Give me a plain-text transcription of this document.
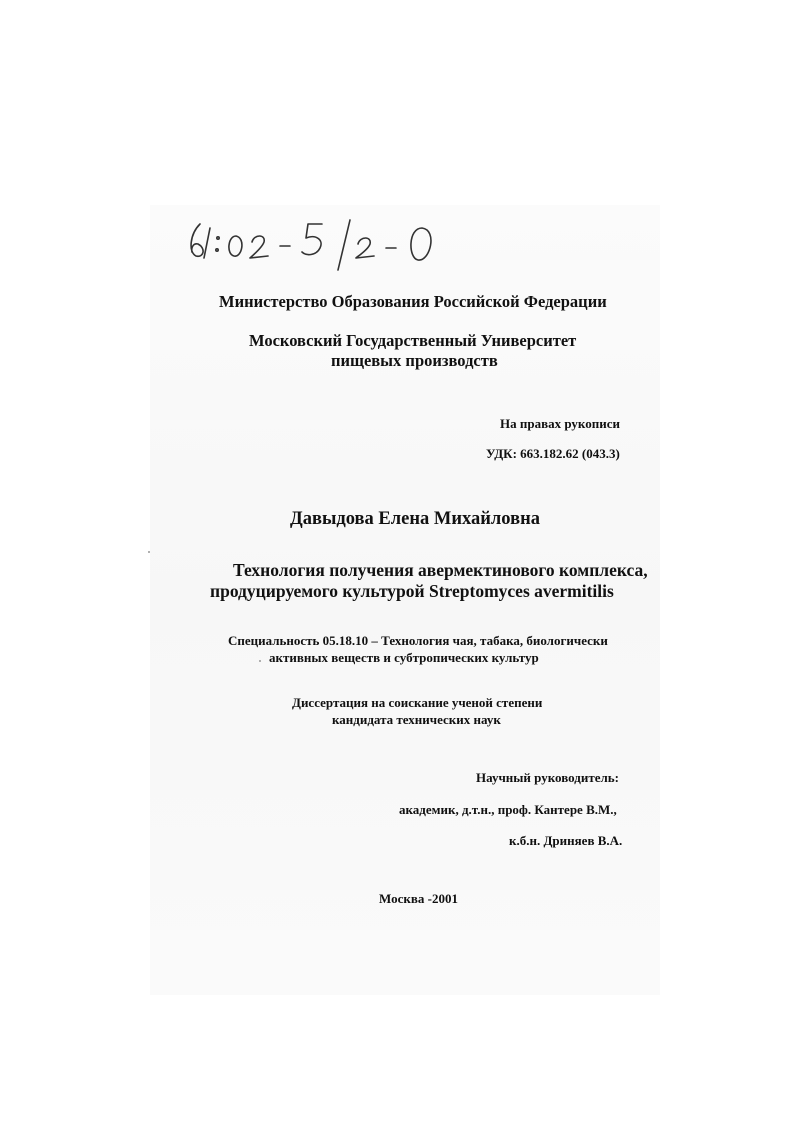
Министерство Образования Российской Федерации
Московский Государственный Университет
пищевых производств
На правах рукописи
УДК: 663.182.62 (043.3)
Давыдова Елена Михайловна
Технология получения авермектинового комплекса,
продуцируемого культурой Streptomyces avermitilis
Специальность 05.18.10 – Технология чая, табака, биологически
активных веществ и субтропических культур
Диссертация на соискание ученой степени
кандидата технических наук
Научный руководитель:
академик, д.т.н., проф. Кантере В.М.,
к.б.н. Дриняев В.А.
Москва -2001
